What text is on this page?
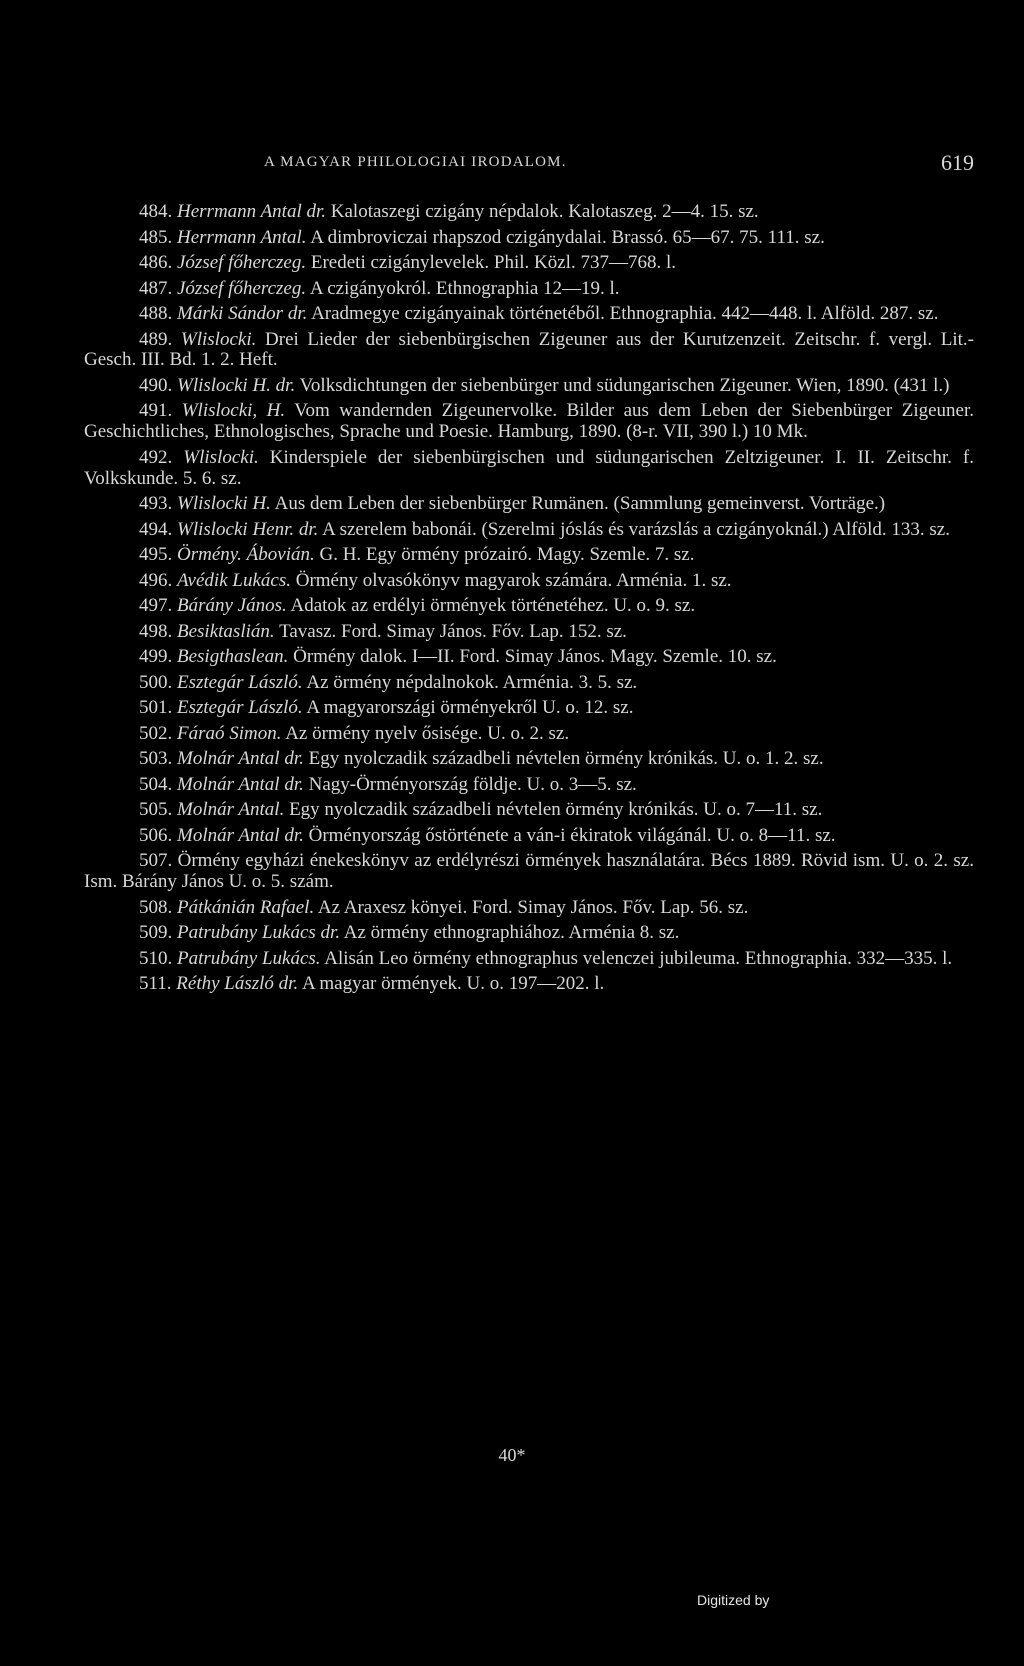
A MAGYAR PHILOLOGIAI IRODALOM.	619

484. Herrmann Antal dr. Kalotaszegi czigány népdalok. Kalotaszeg. 2—4. 15. sz.

485. Herrmann Antal. A dimbroviczai rhapszod czigánydalai. Brassó. 65—67. 75. 111. sz.

486. József főherczeg. Eredeti czigánylevelek. Phil. Közl. 737—768. l.

487. József főherczeg. A czigányokról. Ethnographia 12—19. l.

488. Márki Sándor dr. Aradmegye czigányainak történetéből. Ethnographia. 442—448. l. Alföld. 287. sz.

489. Wlislocki. Drei Lieder der siebenbürgischen Zigeuner aus der Kurutzenzeit. Zeitschr. f. vergl. Lit.-Gesch. III. Bd. 1. 2. Heft.

490. Wlislocki H. dr. Volksdichtungen der siebenbürger und südungarischen Zigeuner. Wien, 1890. (431 l.)

491. Wlislocki, H. Vom wandernden Zigeunervolke. Bilder aus dem Leben der Siebenbürger Zigeuner. Geschichtliches, Ethnologisches, Sprache und Poesie. Hamburg, 1890. (8-r. VII, 390 l.) 10 Mk.

492. Wlislocki. Kinderspiele der siebenbürgischen und südungarischen Zeltzigeuner. I. II. Zeitschr. f. Volkskunde. 5. 6. sz.

493. Wlislocki H. Aus dem Leben der siebenbürger Rumänen. (Sammlung gemeinverst. Vorträge.)

494. Wlislocki Henr. dr. A szerelem babonái. (Szerelmi jóslás és varázslás a czigányoknál.) Alföld. 133. sz.

495. Örmény. Ábovián. G. H. Egy örmény prózairó. Magy. Szemle. 7. sz.

496. Avédik Lukács. Örmény olvasókönyv magyarok számára. Arménia. 1. sz.

497. Bárány János. Adatok az erdélyi örmények történetéhez. U. o. 9. sz.

498. Besiktaslián. Tavasz. Ford. Simay János. Főv. Lap. 152. sz.

499. Besigthaslean. Örmény dalok. I—II. Ford. Simay János. Magy. Szemle. 10. sz.

500. Esztegár László. Az örmény népdalnokok. Arménia. 3. 5. sz.

501. Esztegár László. A magyarországi örményekről U. o. 12. sz.

502. Fáraó Simon. Az örmény nyelv ősisége. U. o. 2. sz.

503. Molnár Antal dr. Egy nyolczadik századbeli névtelen örmény krónikás. U. o. 1. 2. sz.

504. Molnár Antal dr. Nagy-Örményország földje. U. o. 3—5. sz.

505. Molnár Antal. Egy nyolczadik századbeli névtelen örmény krónikás. U. o. 7—11. sz.

506. Molnár Antal dr. Örményország őstörténete a ván-i ékiratok világánál. U. o. 8—11. sz.

507. Örmény egyházi énekeskönyv az erdélyrészi örmények használatára. Bécs 1889. Rövid ism. U. o. 2. sz. Ism. Bárány János U. o. 5. szám.

508. Pátkánián Rafael. Az Araxesz könyei. Ford. Simay János. Főv. Lap. 56. sz.

509. Patrubány Lukács dr. Az örmény ethnographiához. Arménia 8. sz.

510. Patrubány Lukács. Alisán Leo örmény ethnographus velenczei jubileuma. Ethnographia. 332—335. l.

511. Réthy László dr. A magyar örmények. U. o. 197—202. l.

40*
Digitized by
